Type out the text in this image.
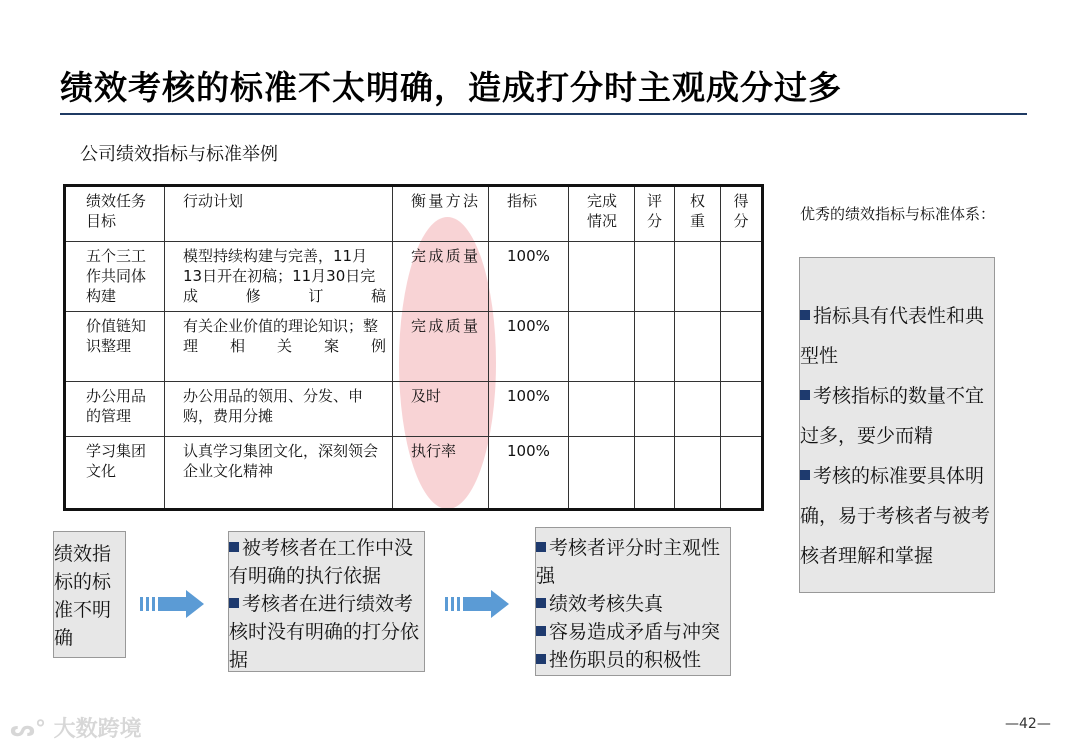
绩效考核的标准不太明确，造成打分时主观成分过多
公司绩效指标与标准举例
绩效任务目标	行动计划	衡量方法	指标	完成情况	评分	权重	得分
五个三工作共同体构建	模型持续构建与完善，11月13日开在初稿；11月30日完成修订稿	完成质量	100%				
价值链知识整理	有关企业价值的理论知识；整理相关案例	完成质量	100%				
办公用品的管理	办公用品的领用、分发、申购，费用分摊	及时	100%				
学习集团文化	认真学习集团文化，深刻领会企业文化精神	执行率	100%				
优秀的绩效指标与标准体系：
指标具有代表性和典型性
考核指标的数量不宜过多，要少而精
考核的标准要具体明确，易于考核者与被考核者理解和掌握
绩效指标的标准不明确
被考核者在工作中没有明确的执行依据
考核者在进行绩效考核时没有明确的打分依据
考核者评分时主观性强
绩效考核失真
容易造成矛盾与冲突
挫伤职员的积极性
ᔕ° 大数跨境	—42—
